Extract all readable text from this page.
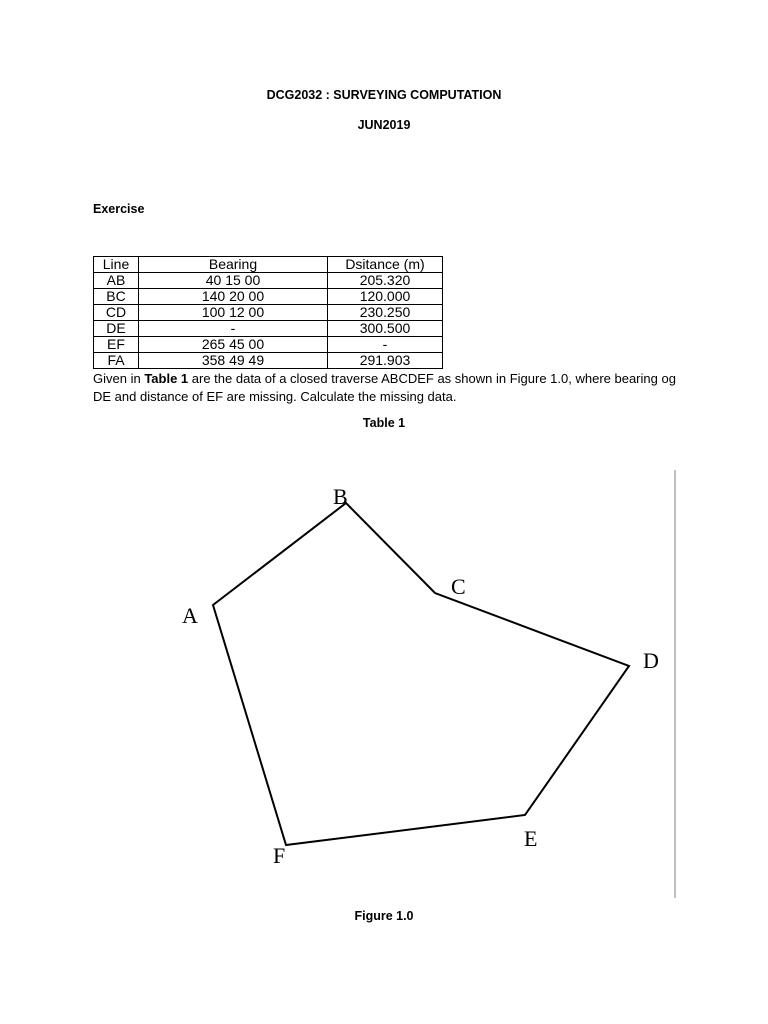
DCG2032 : SURVEYING COMPUTATION
JUN2019
Exercise
Line	Bearing	Dsitance (m)
AB	40 15 00	205.320
BC	140 20 00	120.000
CD	100 12 00	230.250
DE	-	300.500
EF	265 45 00	-
FA	358 49 49	291.903
Given in Table 1 are the data of a closed traverse ABCDEF as shown in Figure 1.0, where bearing og DE and distance of EF are missing. Calculate the missing data.
Table 1
B
C
A
D
E
F
Figure 1.0
